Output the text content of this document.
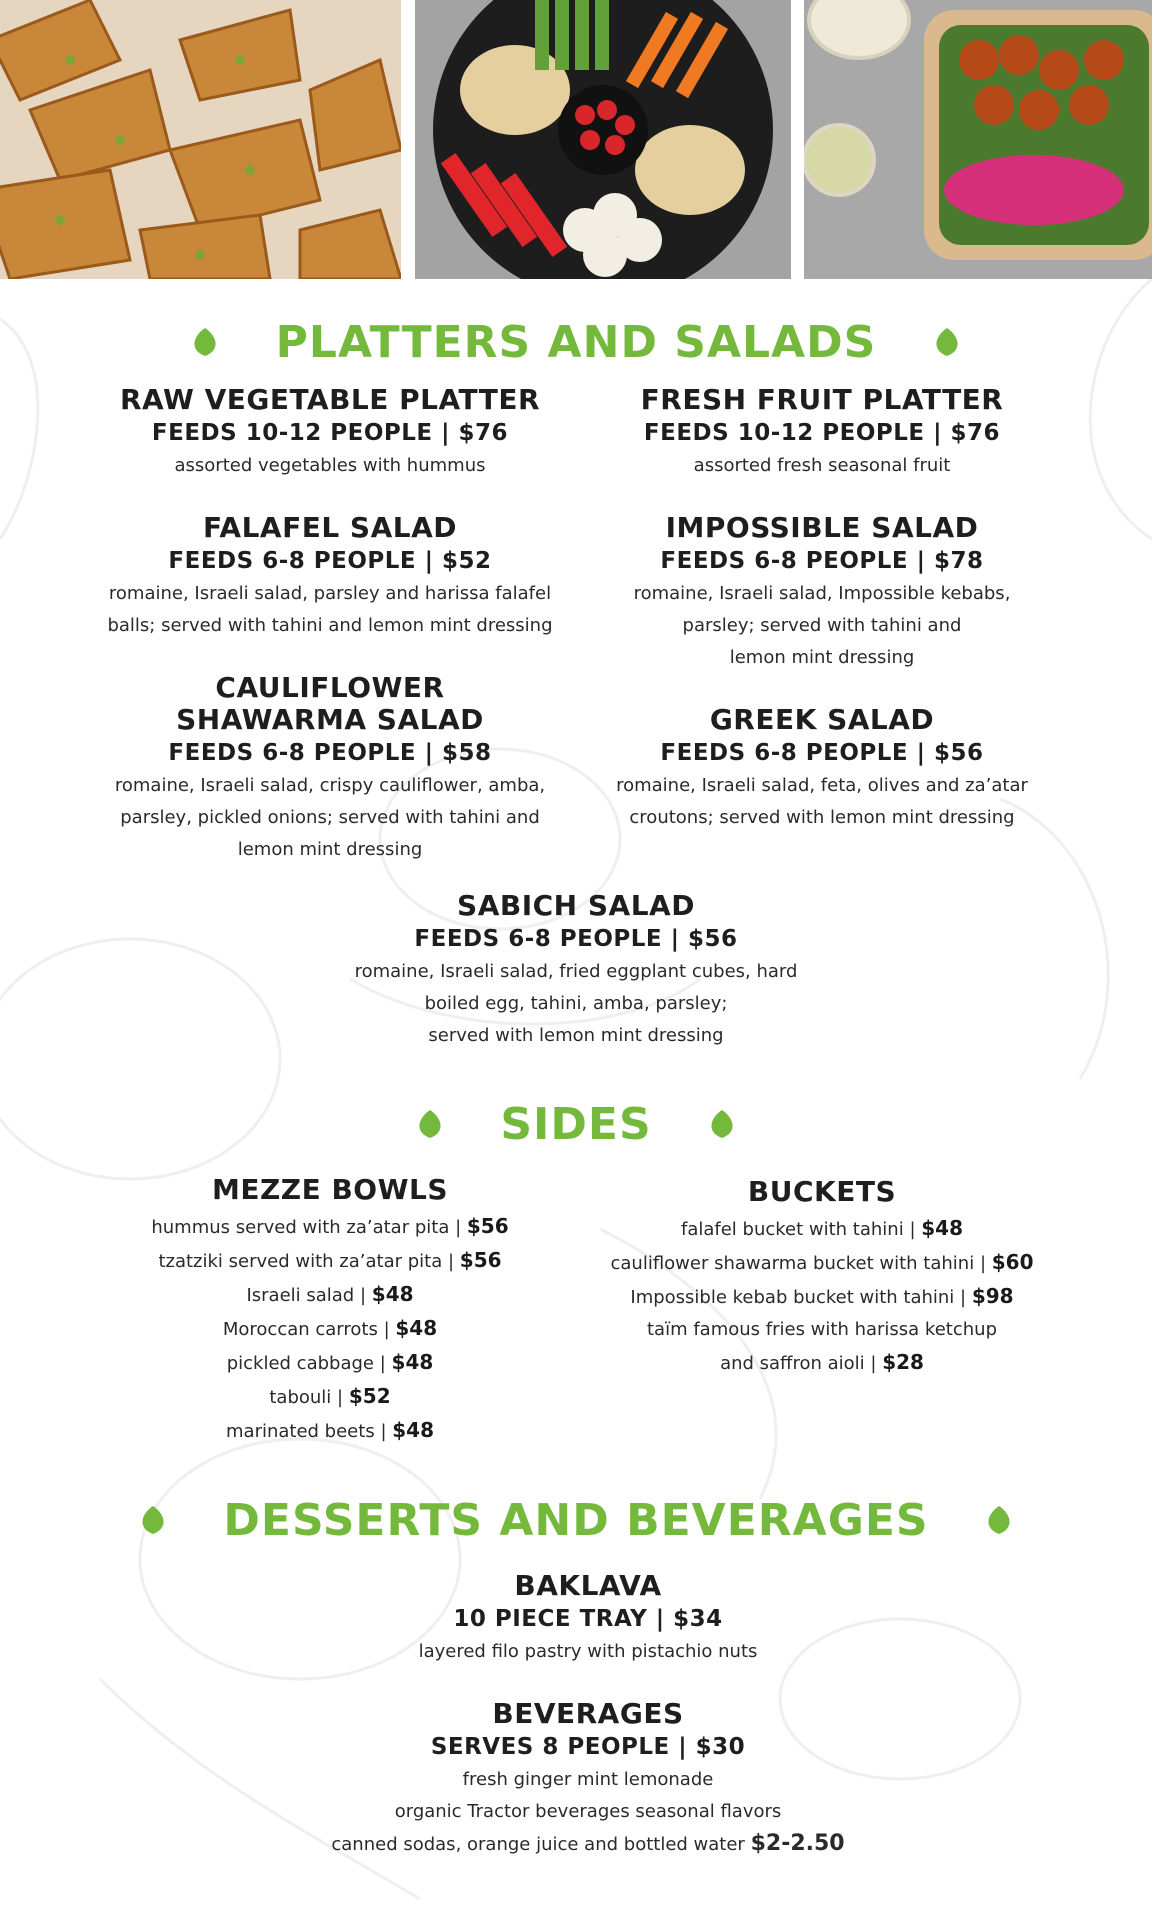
PLATTERS AND SALADS

RAW VEGETABLE PLATTER

FEEDS 10-12 PEOPLE | $76

assorted vegetables with hummus

FRESH FRUIT PLATTER

FEEDS 10-12 PEOPLE | $76

assorted fresh seasonal fruit

FALAFEL SALAD

FEEDS 6-8 PEOPLE | $52

romaine, Israeli salad, parsley and harissa falafel

balls; served with tahini and lemon mint dressing

IMPOSSIBLE SALAD

FEEDS 6-8 PEOPLE | $78

romaine, Israeli salad, Impossible kebabs,

parsley; served with tahini and

lemon mint dressing

CAULIFLOWER

SHAWARMA SALAD

FEEDS 6-8 PEOPLE | $58

romaine, Israeli salad, crispy cauliflower, amba,

parsley, pickled onions; served with tahini and

lemon mint dressing

GREEK SALAD

FEEDS 6-8 PEOPLE | $56

romaine, Israeli salad, feta, olives and za’atar

croutons; served with lemon mint dressing

SABICH SALAD

FEEDS 6-8 PEOPLE | $56

romaine, Israeli salad, fried eggplant cubes, hard

boiled egg, tahini, amba, parsley;

served with lemon mint dressing

SIDES

MEZZE BOWLS

hummus served with za’atar pita | $56

tzatziki served with za’atar pita | $56

Israeli salad | $48

Moroccan carrots | $48

pickled cabbage | $48

tabouli | $52

marinated beets | $48

BUCKETS

falafel bucket with tahini | $48

cauliflower shawarma bucket with tahini | $60

Impossible kebab bucket with tahini | $98

taïm famous fries with harissa ketchup

and saffron aioli | $28

DESSERTS AND BEVERAGES

BAKLAVA

10 PIECE TRAY | $34

layered filo pastry with pistachio nuts

BEVERAGES

SERVES 8 PEOPLE | $30

fresh ginger mint lemonade

organic Tractor beverages seasonal flavors

canned sodas, orange juice and bottled water $2-2.50
